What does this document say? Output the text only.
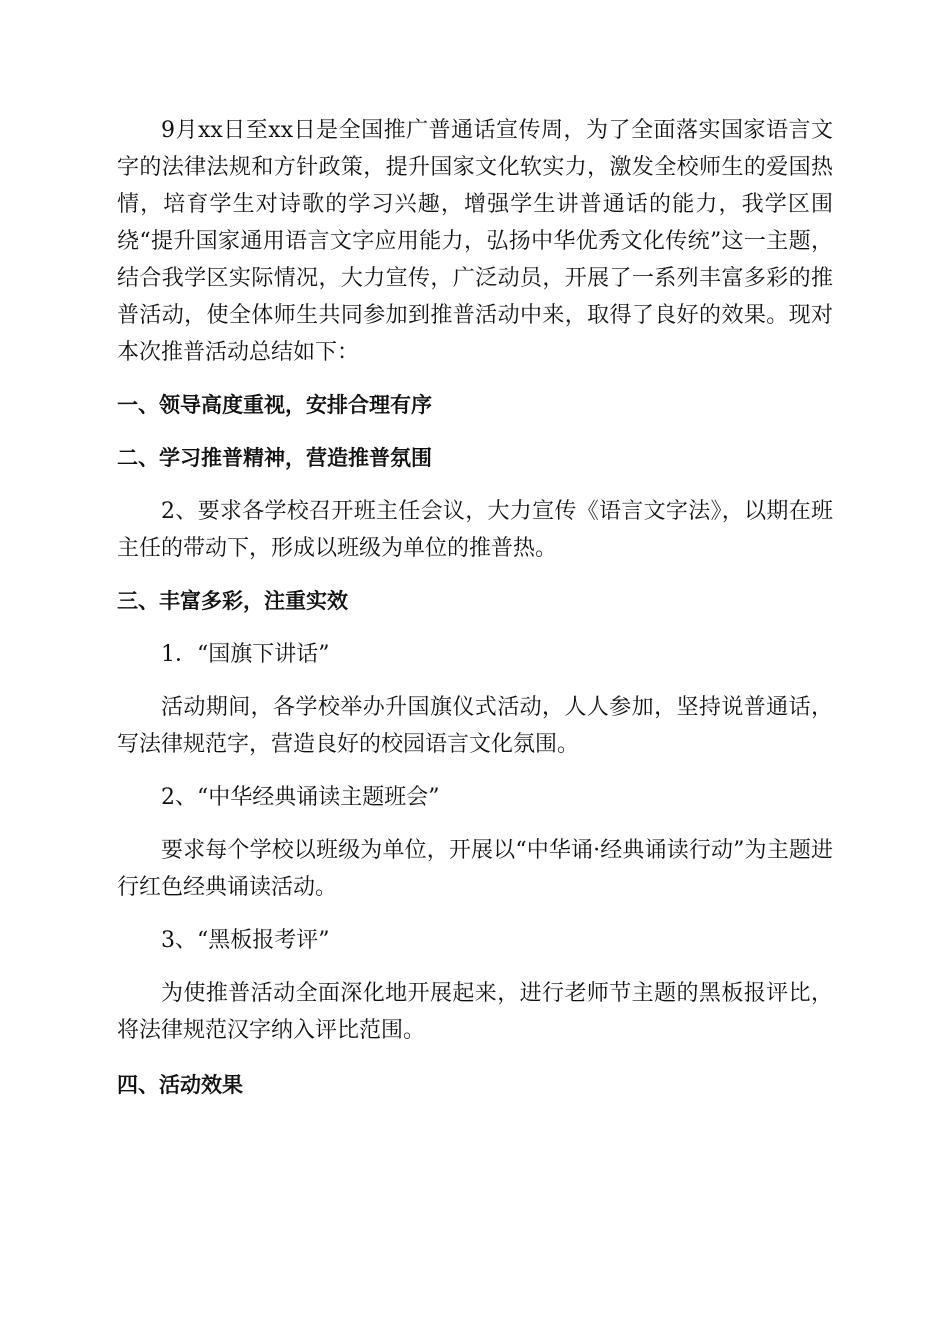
9月xx日至xx日是全国推广普通话宣传周，为了全面落实国家语言文字的法律法规和方针政策，提升国家文化软实力，激发全校师生的爱国热情，培育学生对诗歌的学习兴趣，增强学生讲普通话的能力，我学区围绕“提升国家通用语言文字应用能力，弘扬中华优秀文化传统”这一主题，结合我学区实际情况，大力宣传，广泛动员，开展了一系列丰富多彩的推普活动，使全体师生共同参加到推普活动中来，取得了良好的效果。现对本次推普活动总结如下：

一、领导高度重视，安排合理有序

二、学习推普精神，营造推普氛围

2、要求各学校召开班主任会议，大力宣传《语言文字法》，以期在班主任的带动下，形成以班级为单位的推普热。

三、丰富多彩，注重实效

1．“国旗下讲话”

活动期间，各学校举办升国旗仪式活动，人人参加，坚持说普通话，写法律规范字，营造良好的校园语言文化氛围。

2、“中华经典诵读主题班会”

要求每个学校以班级为单位，开展以“中华诵·经典诵读行动”为主题进行红色经典诵读活动。

3、“黑板报考评”

为使推普活动全面深化地开展起来，进行老师节主题的黑板报评比，将法律规范汉字纳入评比范围。

四、活动效果
